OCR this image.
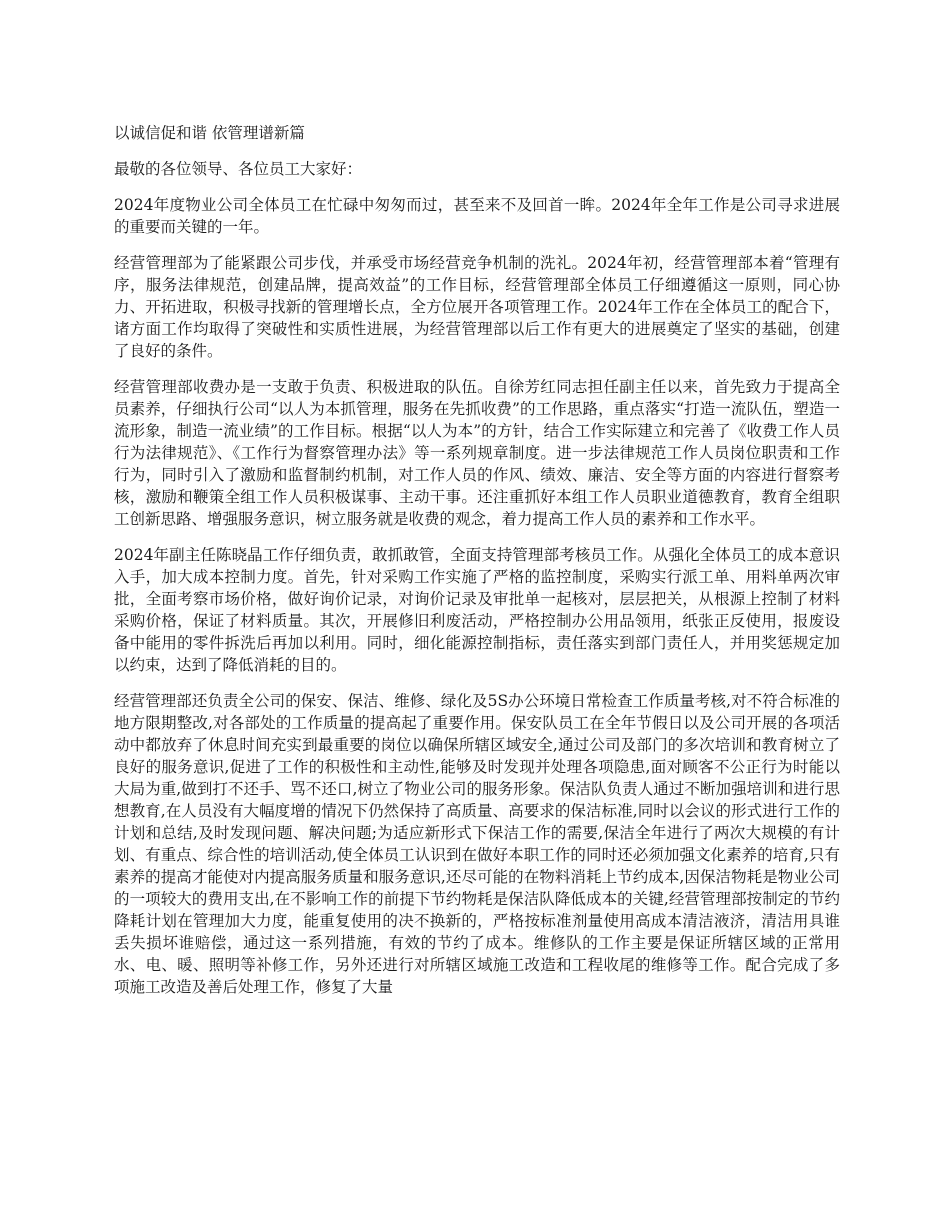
以诚信促和谐 依管理谱新篇

最敬的各位领导、各位员工大家好：

2024年度物业公司全体员工在忙碌中匆匆而过，甚至来不及回首一眸。2024年全年工作是公司寻求进展的重要而关键的一年。

经营管理部为了能紧跟公司步伐，并承受市场经营竞争机制的洗礼。2024年初，经营管理部本着“管理有序，服务法律规范，创建品牌，提高效益”的工作目标，经营管理部全体员工仔细遵循这一原则，同心协力、开拓进取，积极寻找新的管理增长点，全方位展开各项管理工作。2024年工作在全体员工的配合下，诸方面工作均取得了突破性和实质性进展，为经营管理部以后工作有更大的进展奠定了坚实的基础，创建了良好的条件。

经营管理部收费办是一支敢于负责、积极进取的队伍。自徐芳红同志担任副主任以来，首先致力于提高全员素养，仔细执行公司“以人为本抓管理，服务在先抓收费”的工作思路，重点落实“打造一流队伍，塑造一流形象，制造一流业绩”的工作目标。根据“以人为本”的方针，结合工作实际建立和完善了《收费工作人员行为法律规范》、《工作行为督察管理办法》等一系列规章制度。进一步法律规范工作人员岗位职责和工作行为，同时引入了激励和监督制约机制，对工作人员的作风、绩效、廉洁、安全等方面的内容进行督察考核，激励和鞭策全组工作人员积极谋事、主动干事。还注重抓好本组工作人员职业道德教育，教育全组职工创新思路、增强服务意识，树立服务就是收费的观念，着力提高工作人员的素养和工作水平。

2024年副主任陈晓晶工作仔细负责，敢抓敢管，全面支持管理部考核员工作。从强化全体员工的成本意识入手，加大成本控制力度。首先，针对采购工作实施了严格的监控制度，采购实行派工单、用料单两次审批，全面考察市场价格，做好询价记录，对询价记录及审批单一起核对，层层把关，从根源上控制了材料采购价格，保证了材料质量。其次，开展修旧利废活动，严格控制办公用品领用，纸张正反使用，报废设备中能用的零件拆洗后再加以利用。同时，细化能源控制指标，责任落实到部门责任人，并用奖惩规定加以约束，达到了降低消耗的目的。

经营管理部还负责全公司的保安、保洁、维修、绿化及5S办公环境日常检查工作质量考核,对不符合标准的地方限期整改,对各部处的工作质量的提高起了重要作用。保安队员工在全年节假日以及公司开展的各项活动中都放弃了休息时间充实到最重要的岗位以确保所辖区域安全,通过公司及部门的多次培训和教育树立了良好的服务意识,促进了工作的积极性和主动性,能够及时发现并处理各项隐患,面对顾客不公正行为时能以大局为重,做到打不还手、骂不还口,树立了物业公司的服务形象。保洁队负责人通过不断加强培训和进行思想教育,在人员没有大幅度增的情况下仍然保持了高质量、高要求的保洁标准,同时以会议的形式进行工作的计划和总结,及时发现问题、解决问题;为适应新形式下保洁工作的需要,保洁全年进行了两次大规模的有计划、有重点、综合性的培训活动,使全体员工认识到在做好本职工作的同时还必须加强文化素养的培育,只有素养的提高才能使对内提高服务质量和服务意识,还尽可能的在物料消耗上节约成本,因保洁物耗是物业公司的一项较大的费用支出,在不影响工作的前提下节约物耗是保洁队降低成本的关键,经营管理部按制定的节约降耗计划在管理加大力度，能重复使用的决不换新的，严格按标准剂量使用高成本清洁液济，清洁用具谁丢失损坏谁赔偿，通过这一系列措施，有效的节约了成本。维修队的工作主要是保证所辖区域的正常用水、电、暖、照明等补修工作，另外还进行对所辖区域施工改造和工程收尾的维修等工作。配合完成了多项施工改造及善后处理工作，修复了大量
